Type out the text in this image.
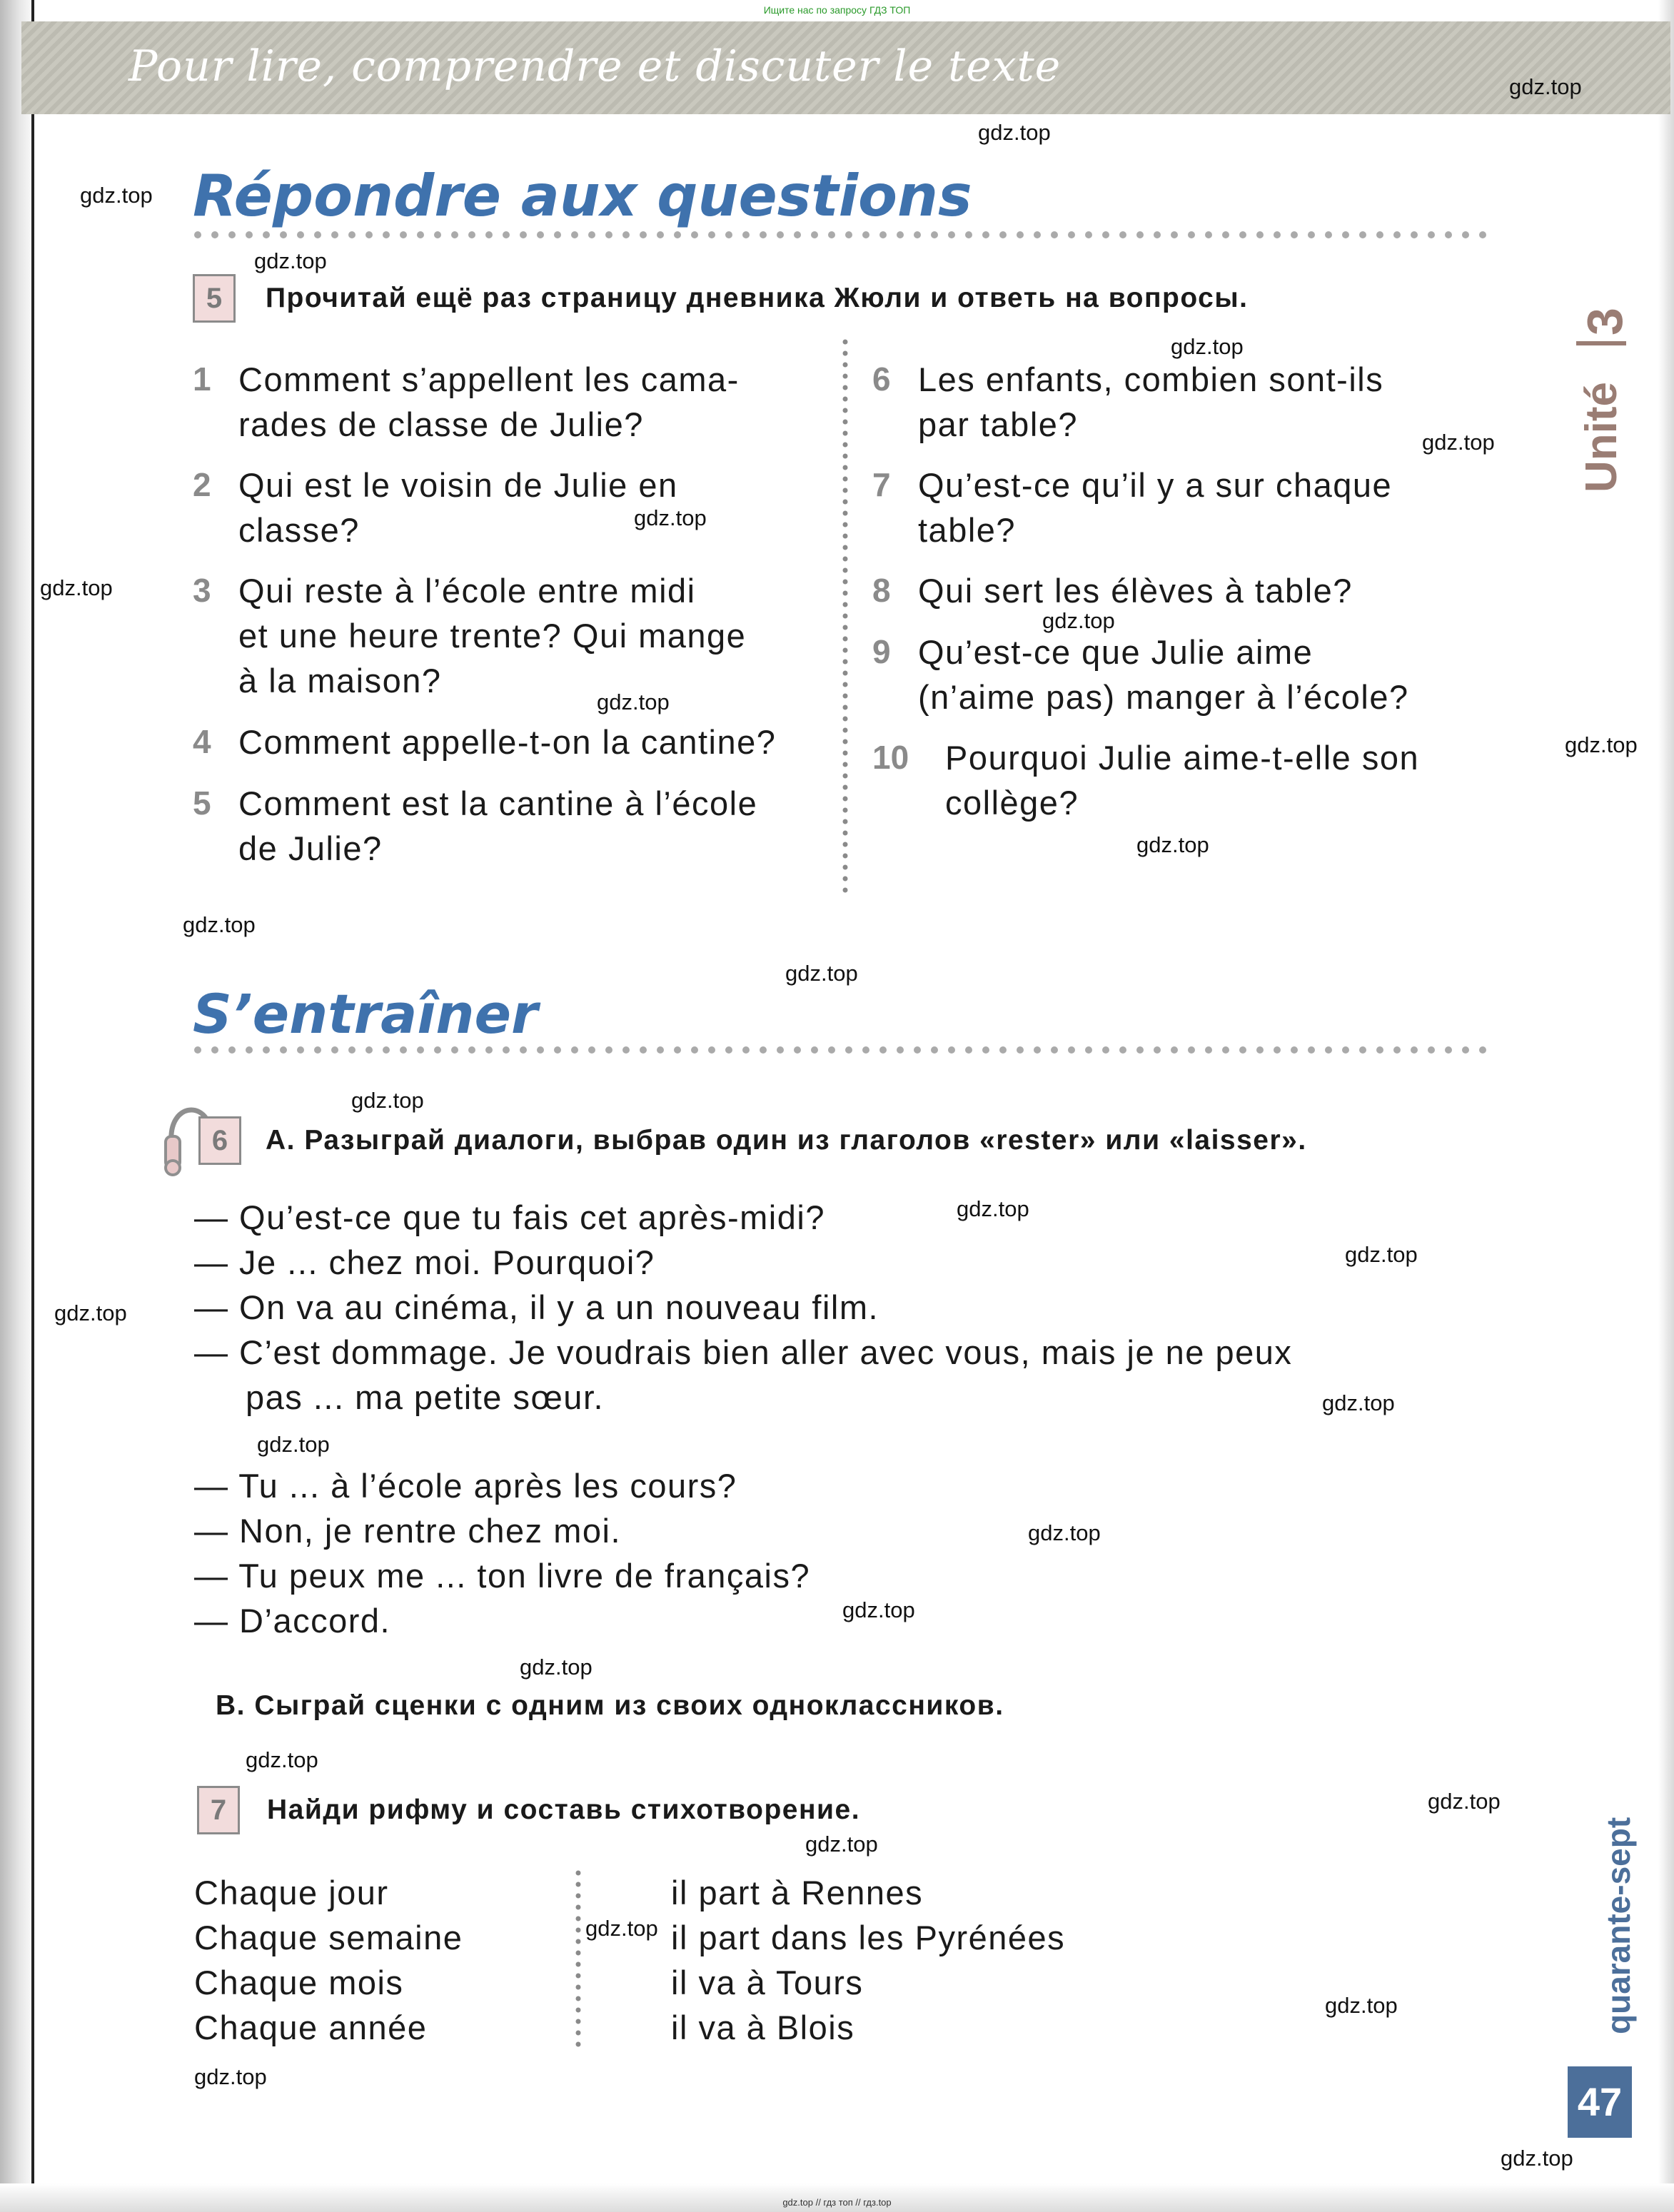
Ищите нас по запросу ГДЗ ТОП
Pour lire, comprendre et discuter le texte
Répondre aux questions
5	Прочитай ещё раз страницу дневника Жюли и ответь на вопросы.
1 Comment s’appellent les cama-
rades de classe de Julie?
2 Qui est le voisin de Julie en
classe?
3 Qui reste à l’école entre midi
et une heure trente? Qui mange
à la maison?
4 Comment appelle-t-on la cantine?
5 Comment est la cantine à l’école
de Julie?
6 Les enfants, combien sont-ils
par table?
7 Qu’est-ce qu’il y a sur chaque
table?
8 Qui sert les élèves à table?
9 Qu’est-ce que Julie aime
(n’aime pas) manger à l’école?
10 Pourquoi Julie aime-t-elle son
collège?
S’entraîner
6	A. Разыграй диалоги, выбрав один из глаголов «rester» или «laisser».
— Qu’est-ce que tu fais cet après-midi?
— Je ... chez moi. Pourquoi?
— On va au cinéma, il y a un nouveau film.
— C’est dommage. Je voudrais bien aller avec vous, mais je ne peux
pas ... ma petite sœur.
— Tu ... à l’école après les cours?
— Non, je rentre chez moi.
— Tu peux me ... ton livre de français?
— D’accord.
B. Сыграй сценки с одним из своих одноклассников.
7	Найди рифму и составь стихотворение.
Chaque jour
Chaque semaine
Chaque mois
Chaque année
il part à Rennes
il part dans les Pyrénées
il va à Tours
il va à Blois
Unité
3
quarante-sept
47
gdz.top
gdz.top
gdz.top
gdz.top
gdz.top
gdz.top
gdz.top
gdz.top
gdz.top
gdz.top
gdz.top
gdz.top
gdz.top
gdz.top
gdz.top
gdz.top
gdz.top
gdz.top
gdz.top
gdz.top
gdz.top
gdz.top
gdz.top
gdz.top
gdz.top
gdz.top
gdz.top
gdz.top
gdz.top
gdz.top
gdz.top // гдз топ // гдз.top
